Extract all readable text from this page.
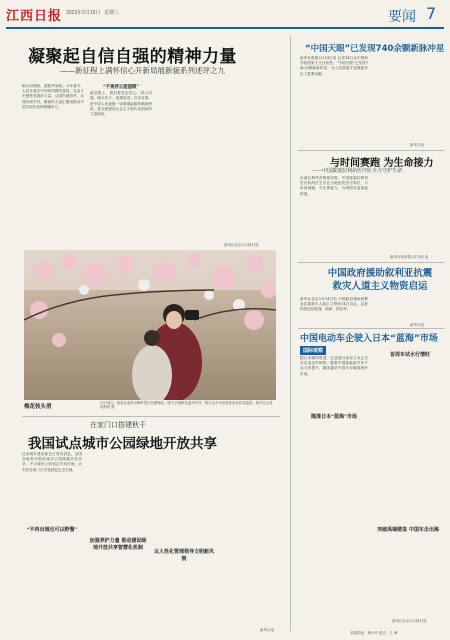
江西日报 2023年2月15日 星期三	要闻 7
凝聚起自信自强的精神力量
——新征程上满怀信心开新局展新貌系列述评之九
明月何皎皎，照我罗床帏。今年春节，人们在欢庆中体味团圆的喜悦，在奋斗中感受发展的力量。从国内到国外，从城市到乡村，精神的力量汇聚成推动中国式现代化的磅礴伟力。
“不畏浮云遮望眼”
新征程上，我们要坚定信心、同心同德，埋头苦干、奋勇前进。自信自强，是中国人民战胜一切艰难险阻的精神密码，是全面建设社会主义现代化国家的力量源泉。
新华社北京2月14日电
梅花枝头俏
2月14日，游客在南昌市梅岭景区拍摄梅花。眼下正值梅花盛开时节，吸引众多市民游客前来赏花踏春。新华社记者 胡晨欢 摄
在家门口搭建秋千
我国试点城市公园绿地开放共享
住房城乡建设部近日发布消息，全国各地有序推进城市公园绿地开放共享，不少城市公园划定开放区域，让市民在家门口享受绿色生态空间。
“不再出城也可以野餐”
加强养护力量 推动建设绿地开放共享智慧化机制
以人性化管理领导文明新风貌
新华社电
“中国天眼”已发现740余颗新脉冲星
新华社贵阳2月14日电 记者14日从中国科学院国家天文台获悉，“中国天眼”已发现740余颗新脉冲星，为人类探索宇宙奥秘作出了重要贡献。
新华社电
与时间赛跑 为生命接力
——中国援塞拉利昂医疗队全力守护生命
在塞拉利昂首都弗里敦，中国援塞拉利昂医疗队的医生们在当地医院坚守岗位，与时间赛跑，为生命接力，为两国友谊架起桥梁。
新华社弗里敦2月14日电
中国政府援助叙利亚抗震救灾人道主义物资启运
新华社北京2月14日电 中国政府援助叙利亚抗震救灾人道主义物资14日启运，这批物资包括帐篷、棉被、药品等。
新华社电
中国电动车企驶入日本“蓝海”市场
国际观察
首周车试水行情旺
据日本媒体报道，比亚迪日前在日本正式开启电动车销售。随着中国新能源汽车产品力的提升，越来越多中国车企瞄准海外市场。
瞄准日本“蓝海”市场
突破高端壁垒 中国车企出海
新华社东京2月14日电
本版责编 · 黄小玲 版式 · 王 峰
